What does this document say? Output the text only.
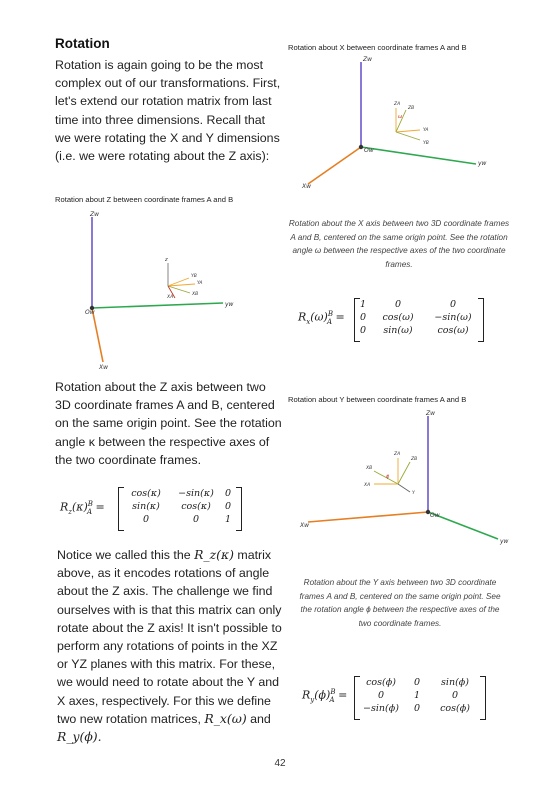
Rotation
Rotation is again going to be the most complex out of our transformations. First, let's extend our rotation matrix from last time into three dimensions. Recall that we were rotating the X and Y dimensions (i.e. we were rotating about the Z axis):
Rotation about Z between coordinate frames A and B
Zw
z
YB
YA
XB
XA
Ow
yw
Xw
Rotation about the Z axis between two 3D coordinate frames A and B, centered on the same origin point. See the rotation angle κ between the respective axes of the two coordinate frames.
$R_z(\kappa)^B_A$ =
cos(κ)	−sin(κ)	0
sin(κ)	cos(κ)	0
0	0	1
Notice we called this the R_z(κ) matrix above, as it encodes rotations of angle about the Z axis. The challenge we find ourselves with is that this matrix can only rotate about the Z axis! It isn't possible to perform any rotations of points in the XZ or YZ planes with this matrix. For these, we would need to rotate about the Y and X axes, respectively. For this we define two new rotation matrices, R_x(ω) and R_y(ϕ).
Rotation about X between coordinate frames A and B
Zw
ZA
ZB
ω
YA
YB
Ow
yw
Xw
Rotation about the X axis between two 3D coordinate frames A and B, centered on the same origin point. See the rotation angle ω between the respective axes of the two coordinate frames.
$R_x(\omega)^B_A$ =
1	0	0
0	cos(ω)	−sin(ω)
0	sin(ω)	cos(ω)
Rotation about Y between coordinate frames A and B
Zw
ZA
ZB
XB
ϕ
XA
Y
Ow
yw
Xw
Rotation about the Y axis between two 3D coordinate frames A and B, centered on the same origin point. See the rotation angle ϕ between the respective axes of the two coordinate frames.
$R_y(\phi)^B_A$ =
cos(ϕ)	0	sin(ϕ)
0	1	0
−sin(ϕ)	0	cos(ϕ)
42
